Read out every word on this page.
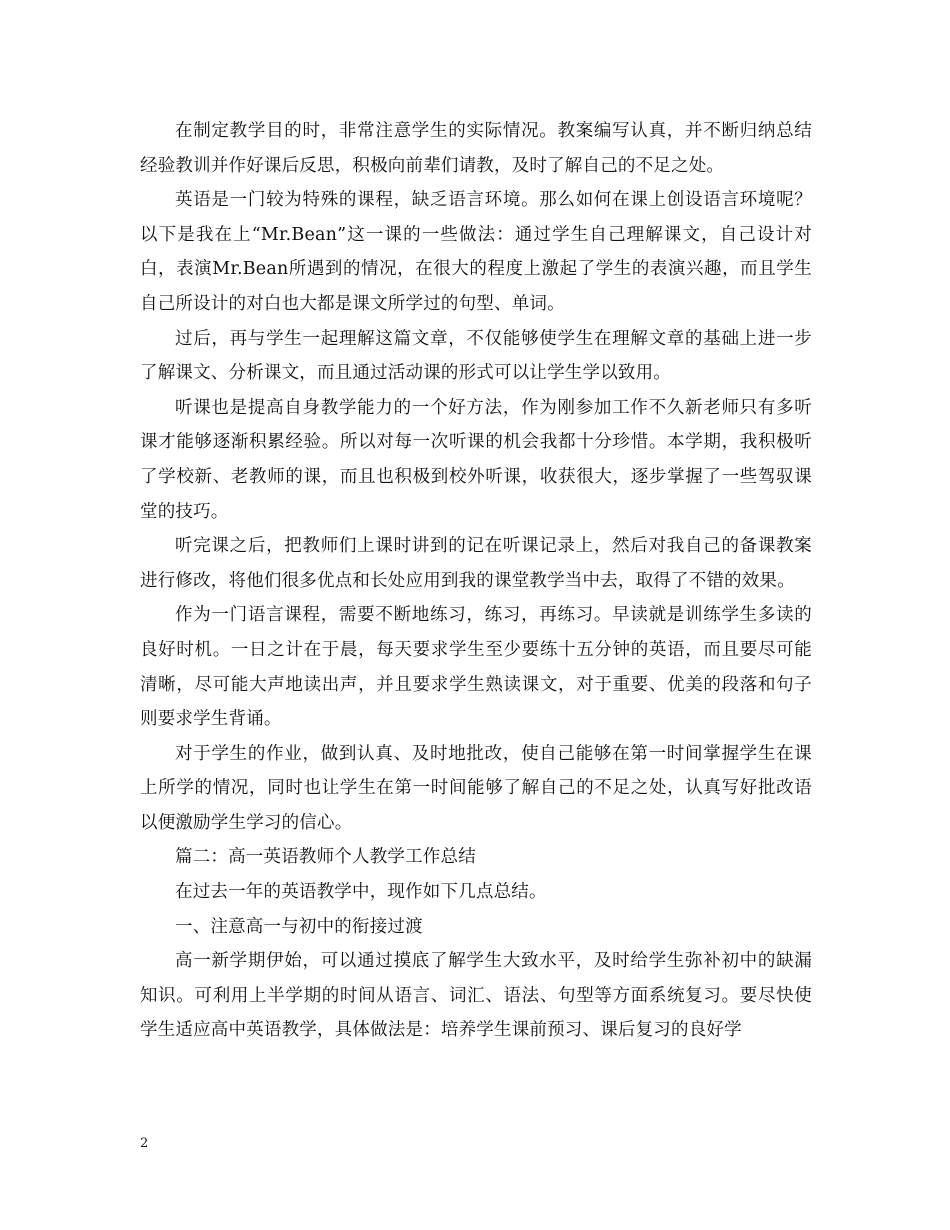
在制定教学目的时，非常注意学生的实际情况。教案编写认真，并不断归纳总结经验教训并作好课后反思，积极向前辈们请教，及时了解自己的不足之处。

英语是一门较为特殊的课程，缺乏语言环境。那么如何在课上创设语言环境呢？以下是我在上“Mr.Bean”这一课的一些做法：通过学生自己理解课文，自己设计对白，表演Mr.Bean所遇到的情况，在很大的程度上激起了学生的表演兴趣，而且学生自己所设计的对白也大都是课文所学过的句型、单词。

过后，再与学生一起理解这篇文章，不仅能够使学生在理解文章的基础上进一步了解课文、分析课文，而且通过活动课的形式可以让学生学以致用。

听课也是提高自身教学能力的一个好方法，作为刚参加工作不久新老师只有多听课才能够逐渐积累经验。所以对每一次听课的机会我都十分珍惜。本学期，我积极听了学校新、老教师的课，而且也积极到校外听课，收获很大，逐步掌握了一些驾驭课堂的技巧。

听完课之后，把教师们上课时讲到的记在听课记录上，然后对我自己的备课教案进行修改，将他们很多优点和长处应用到我的课堂教学当中去，取得了不错的效果。

作为一门语言课程，需要不断地练习，练习，再练习。早读就是训练学生多读的良好时机。一日之计在于晨，每天要求学生至少要练十五分钟的英语，而且要尽可能清晰，尽可能大声地读出声，并且要求学生熟读课文，对于重要、优美的段落和句子则要求学生背诵。

对于学生的作业，做到认真、及时地批改，使自己能够在第一时间掌握学生在课上所学的情况，同时也让学生在第一时间能够了解自己的不足之处，认真写好批改语以便激励学生学习的信心。

篇二：高一英语教师个人教学工作总结

在过去一年的英语教学中，现作如下几点总结。

一、注意高一与初中的衔接过渡

高一新学期伊始，可以通过摸底了解学生大致水平，及时给学生弥补初中的缺漏知识。可利用上半学期的时间从语言、词汇、语法、句型等方面系统复习。要尽快使学生适应高中英语教学，具体做法是：培养学生课前预习、课后复习的良好学

2
